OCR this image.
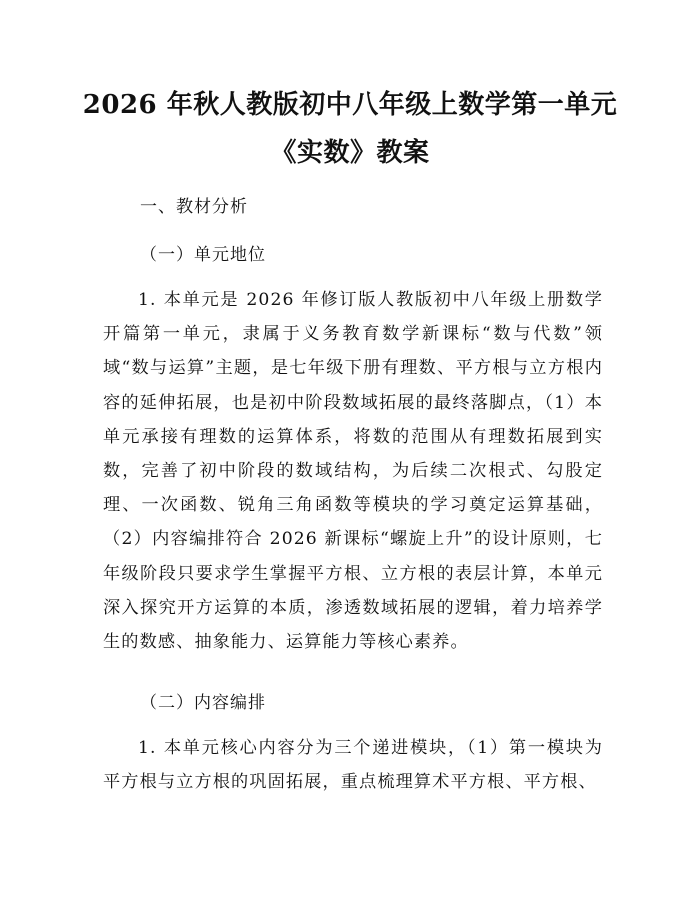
2026 年秋人教版初中八年级上数学第一单元
《实数》教案
一、教材分析
（一）单元地位
1. 本单元是 2026 年修订版人教版初中八年级上册数学开篇第一单元，隶属于义务教育数学新课标“数与代数”领域“数与运算”主题，是七年级下册有理数、平方根与立方根内容的延伸拓展，也是初中阶段数域拓展的最终落脚点，（1）本单元承接有理数的运算体系，将数的范围从有理数拓展到实数，完善了初中阶段的数域结构，为后续二次根式、勾股定理、一次函数、锐角三角函数等模块的学习奠定运算基础，（2）内容编排符合 2026 新课标“螺旋上升”的设计原则，七年级阶段只要求学生掌握平方根、立方根的表层计算，本单元深入探究开方运算的本质，渗透数域拓展的逻辑，着力培养学生的数感、抽象能力、运算能力等核心素养。
（二）内容编排
1. 本单元核心内容分为三个递进模块，（1）第一模块为平方根与立方根的巩固拓展，重点梳理算术平方根、平方根、
